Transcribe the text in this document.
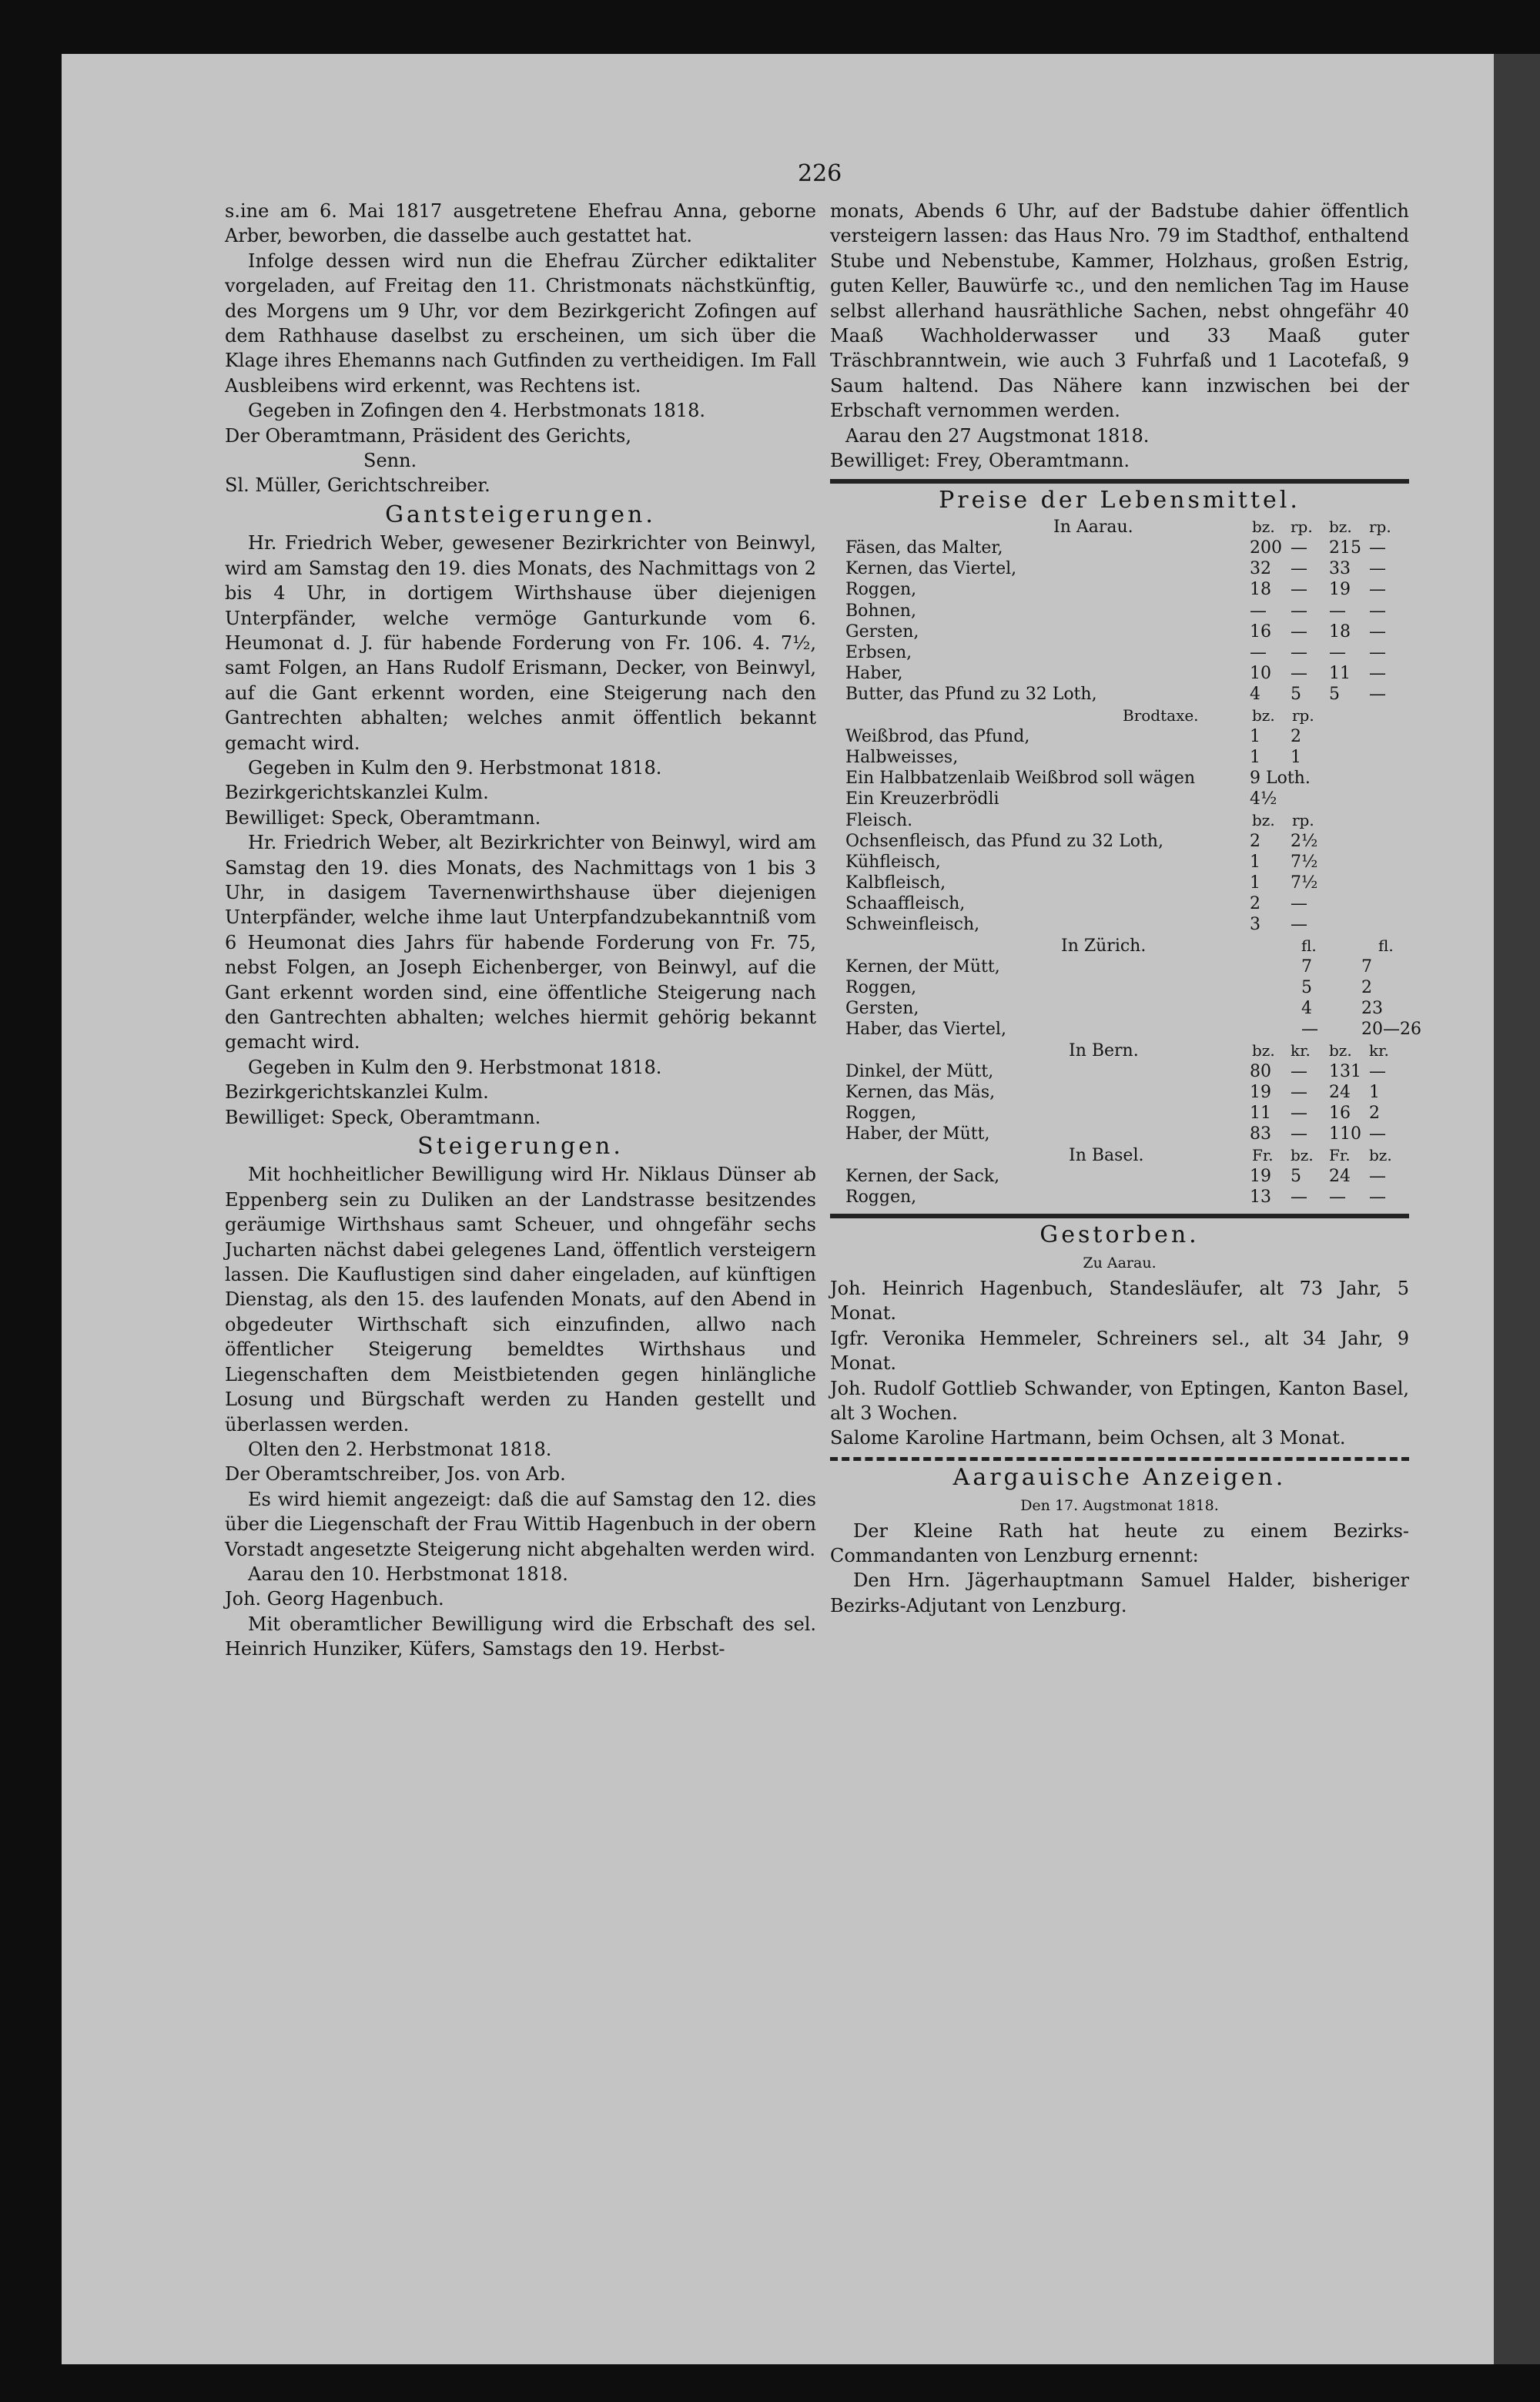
226

s.ine am 6. Mai 1817 ausgetretene Ehefrau Anna, geborne Arber, beworben, die dasselbe auch gestattet hat.

Infolge dessen wird nun die Ehefrau Zürcher ediktaliter vorgeladen, auf Freitag den 11. Christmonats nächstkünftig, des Morgens um 9 Uhr, vor dem Bezirkgericht Zofingen auf dem Rathhause daselbst zu erscheinen, um sich über die Klage ihres Ehemanns nach Gutfinden zu vertheidigen. Im Fall Ausbleibens wird erkennt, was Rechtens ist.

Gegeben in Zofingen den 4. Herbstmonats 1818.

Der Oberamtmann, Präsident des Gerichts,

Senn.

Sl. Müller, Gerichtschreiber.

Gantsteigerungen.

Hr. Friedrich Weber, gewesener Bezirkrichter von Beinwyl, wird am Samstag den 19. dies Monats, des Nachmittags von 2 bis 4 Uhr, in dortigem Wirthshause über diejenigen Unterpfänder, welche vermöge Ganturkunde vom 6. Heumonat d. J. für habende Forderung von Fr. 106. 4. 7½, samt Folgen, an Hans Rudolf Erismann, Decker, von Beinwyl, auf die Gant erkennt worden, eine Steigerung nach den Gantrechten abhalten; welches anmit öffentlich bekannt gemacht wird.

Gegeben in Kulm den 9. Herbstmonat 1818.

Bezirkgerichtskanzlei Kulm.

Bewilliget: Speck, Oberamtmann.

Hr. Friedrich Weber, alt Bezirkrichter von Beinwyl, wird am Samstag den 19. dies Monats, des Nachmittags von 1 bis 3 Uhr, in dasigem Tavernenwirthshause über diejenigen Unterpfänder, welche ihme laut Unterpfandzubekanntniß vom 6 Heumonat dies Jahrs für habende Forderung von Fr. 75, nebst Folgen, an Joseph Eichenberger, von Beinwyl, auf die Gant erkennt worden sind, eine öffentliche Steigerung nach den Gantrechten abhalten; welches hiermit gehörig bekannt gemacht wird.

Gegeben in Kulm den 9. Herbstmonat 1818.

Bezirkgerichtskanzlei Kulm.

Bewilliget: Speck, Oberamtmann.

Steigerungen.

Mit hochheitlicher Bewilligung wird Hr. Niklaus Dünser ab Eppenberg sein zu Duliken an der Landstrasse besitzendes geräumige Wirthshaus samt Scheuer, und ohngefähr sechs Jucharten nächst dabei gelegenes Land, öffentlich versteigern lassen. Die Kauflustigen sind daher eingeladen, auf künftigen Dienstag, als den 15. des laufenden Monats, auf den Abend in obgedeuter Wirthschaft sich einzufinden, allwo nach öffentlicher Steigerung bemeldtes Wirthshaus und Liegenschaften dem Meistbietenden gegen hinlängliche Losung und Bürgschaft werden zu Handen gestellt und überlassen werden.

Olten den 2. Herbstmonat 1818.

Der Oberamtschreiber, Jos. von Arb.

Es wird hiemit angezeigt: daß die auf Samstag den 12. dies über die Liegenschaft der Frau Wittib Hagenbuch in der obern Vorstadt angesetzte Steigerung nicht abgehalten werden wird.

Aarau den 10. Herbstmonat 1818.

Joh. Georg Hagenbuch.

Mit oberamtlicher Bewilligung wird die Erbschaft des sel. Heinrich Hunziker, Küfers, Samstags den 19. Herbst-

monats, Abends 6 Uhr, auf der Badstube dahier öffentlich versteigern lassen: das Haus Nro. 79 im Stadthof, enthaltend Stube und Nebenstube, Kammer, Holzhaus, großen Estrig, guten Keller, Bauwürfe ꝛc., und den nemlichen Tag im Hause selbst allerhand hausräthliche Sachen, nebst ohngefähr 40 Maaß Wachholderwasser und 33 Maaß guter Träschbranntwein, wie auch 3 Fuhrfaß und 1 Lacotefaß, 9 Saum haltend. Das Nähere kann inzwischen bei der Erbschaft vernommen werden.

Aarau den 27 Augstmonat 1818.

Bewilliget: Frey, Oberamtmann.

Preise der Lebensmittel.
In Aarau.	bz. rp. bz. rp.
Fäsen, das Malter,	200 — 215 —
Kernen, das Viertel,	32 — 33 —
Roggen,	18 — 19 —
Bohnen,	— — — —
Gersten,	16 — 18 —
Erbsen,	— — — —
Haber,	10 — 11 —
Butter, das Pfund zu 32 Loth,	4 5 5 —
Brodtaxe.	bz. rp.
Weißbrod, das Pfund,	1 2
Halbweisses,	1 1
Ein Halbbatzenlaib Weißbrod soll wägen	9 Loth.
Ein Kreuzerbrödli	4½
Fleisch.	bz. rp.
Ochsenfleisch, das Pfund zu 32 Loth,	2 2½
Kühfleisch,	1 7½
Kalbfleisch,	1 7½
Schaaffleisch,	2 —
Schweinfleisch,	3 —
In Zürich.	fl.	fl.
Kernen, der Mütt,	7	7
Roggen,	5	2
Gersten,	4	23
Haber, das Viertel,	—	20—26
In Bern.	bz. kr. bz. kr.
Dinkel, der Mütt,	80 — 131 —
Kernen, das Mäs,	19 — 24 1
Roggen,	11 — 16 2
Haber, der Mütt,	83 — 110 —
In Basel.	Fr. bz. Fr. bz.
Kernen, der Sack,	19 5 24 —
Roggen,	13 — — —
Gestorben.
Zu Aarau.

Joh. Heinrich Hagenbuch, Standesläufer, alt 73 Jahr, 5 Monat.

Igfr. Veronika Hemmeler, Schreiners sel., alt 34 Jahr, 9 Monat.

Joh. Rudolf Gottlieb Schwander, von Eptingen, Kanton Basel, alt 3 Wochen.

Salome Karoline Hartmann, beim Ochsen, alt 3 Monat.

Aargauische Anzeigen.
Den 17. Augstmonat 1818.

Der Kleine Rath hat heute zu einem Bezirks-Commandanten von Lenzburg ernennt:

Den Hrn. Jägerhauptmann Samuel Halder, bisheriger Bezirks-Adjutant von Lenzburg.
